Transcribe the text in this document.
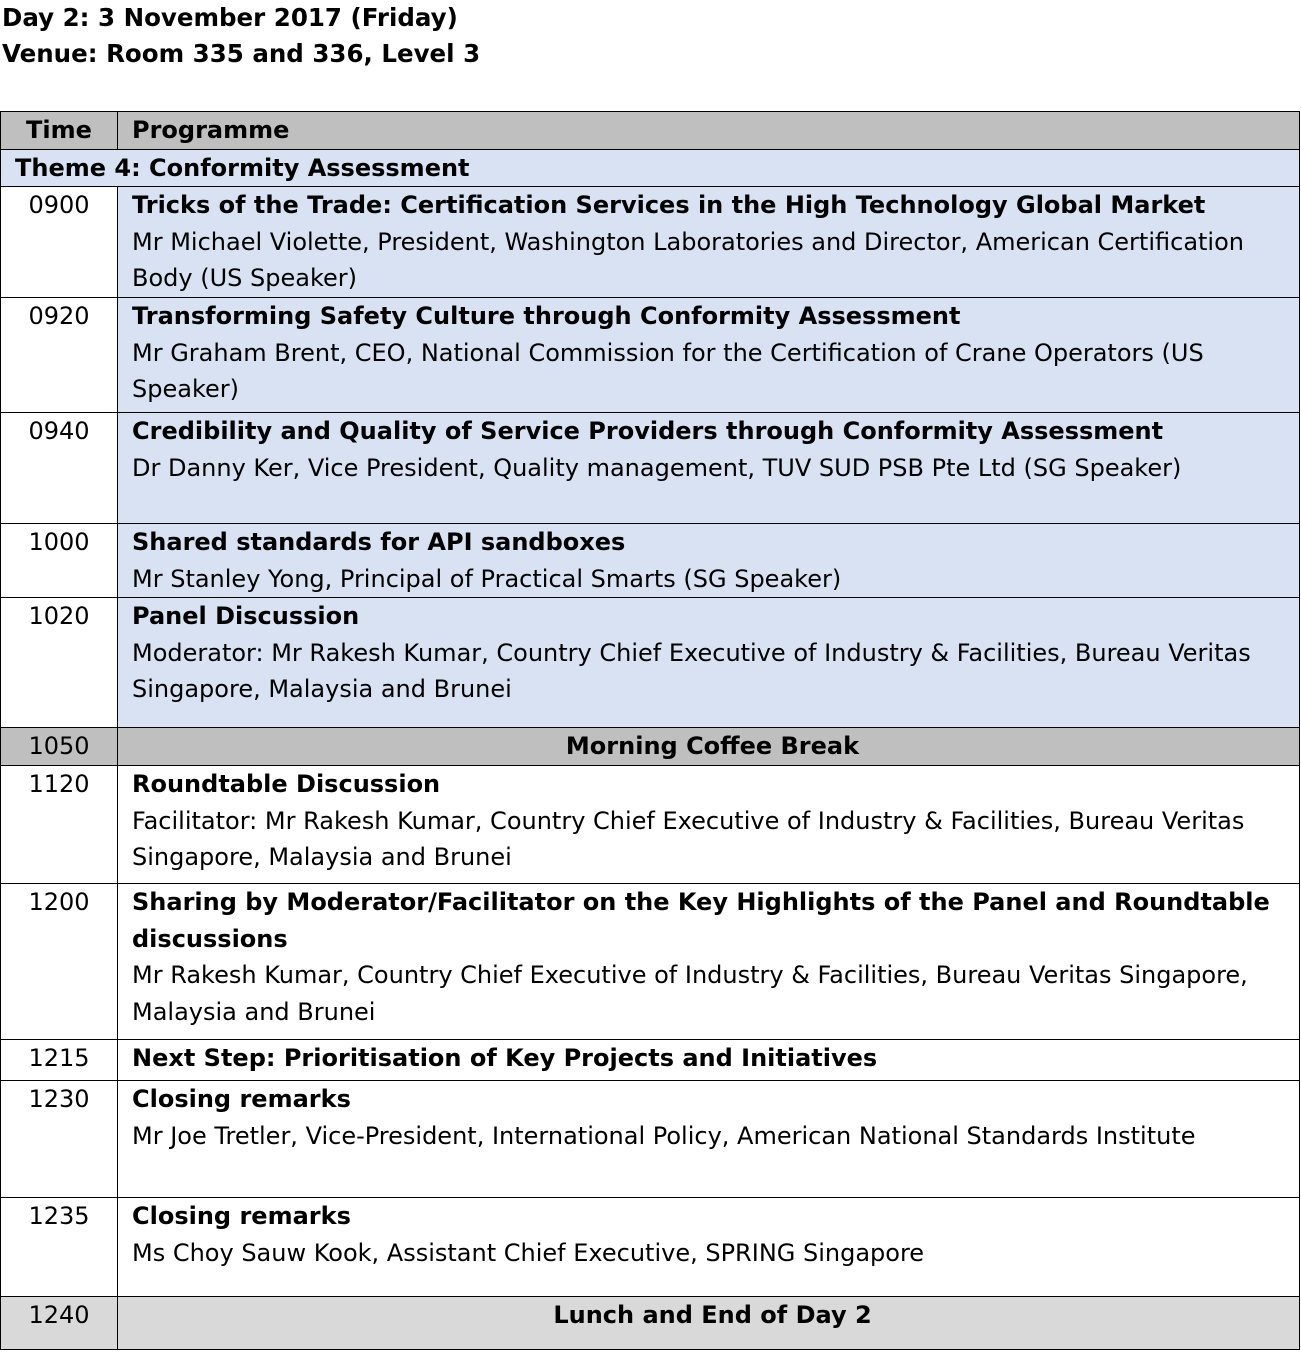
Day 2: 3 November 2017 (Friday)
Venue: Room 335 and 336, Level 3
Time	Programme
Theme 4: Conformity Assessment	
0900	Tricks of the Trade: Certification Services in the High Technology Global Market
Mr Michael Violette, President, Washington Laboratories and Director, American Certification Body (US Speaker)

0920	Transforming Safety Culture through Conformity Assessment
Mr Graham Brent, CEO, National Commission for the Certification of Crane Operators (US Speaker)

0940	Credibility and Quality of Service Providers through Conformity Assessment
Dr Danny Ker, Vice President, Quality management, TUV SUD PSB Pte Ltd (SG Speaker)

1000	Shared standards for API sandboxes
Mr Stanley Yong, Principal of Practical Smarts (SG Speaker)

1020	Panel Discussion
Moderator: Mr Rakesh Kumar, Country Chief Executive of Industry & Facilities, Bureau Veritas Singapore, Malaysia and Brunei

1050	Morning Coffee Break

1120	Roundtable Discussion
Facilitator: Mr Rakesh Kumar, Country Chief Executive of Industry & Facilities, Bureau Veritas Singapore, Malaysia and Brunei

1200	Sharing by Moderator/Facilitator on the Key Highlights of the Panel and Roundtable discussions
Mr Rakesh Kumar, Country Chief Executive of Industry & Facilities, Bureau Veritas Singapore, Malaysia and Brunei

1215	Next Step: Prioritisation of Key Projects and Initiatives

1230	Closing remarks
Mr Joe Tretler, Vice-President, International Policy, American National Standards Institute

1235	Closing remarks
Ms Choy Sauw Kook, Assistant Chief Executive, SPRING Singapore

1240	Lunch and End of Day 2
